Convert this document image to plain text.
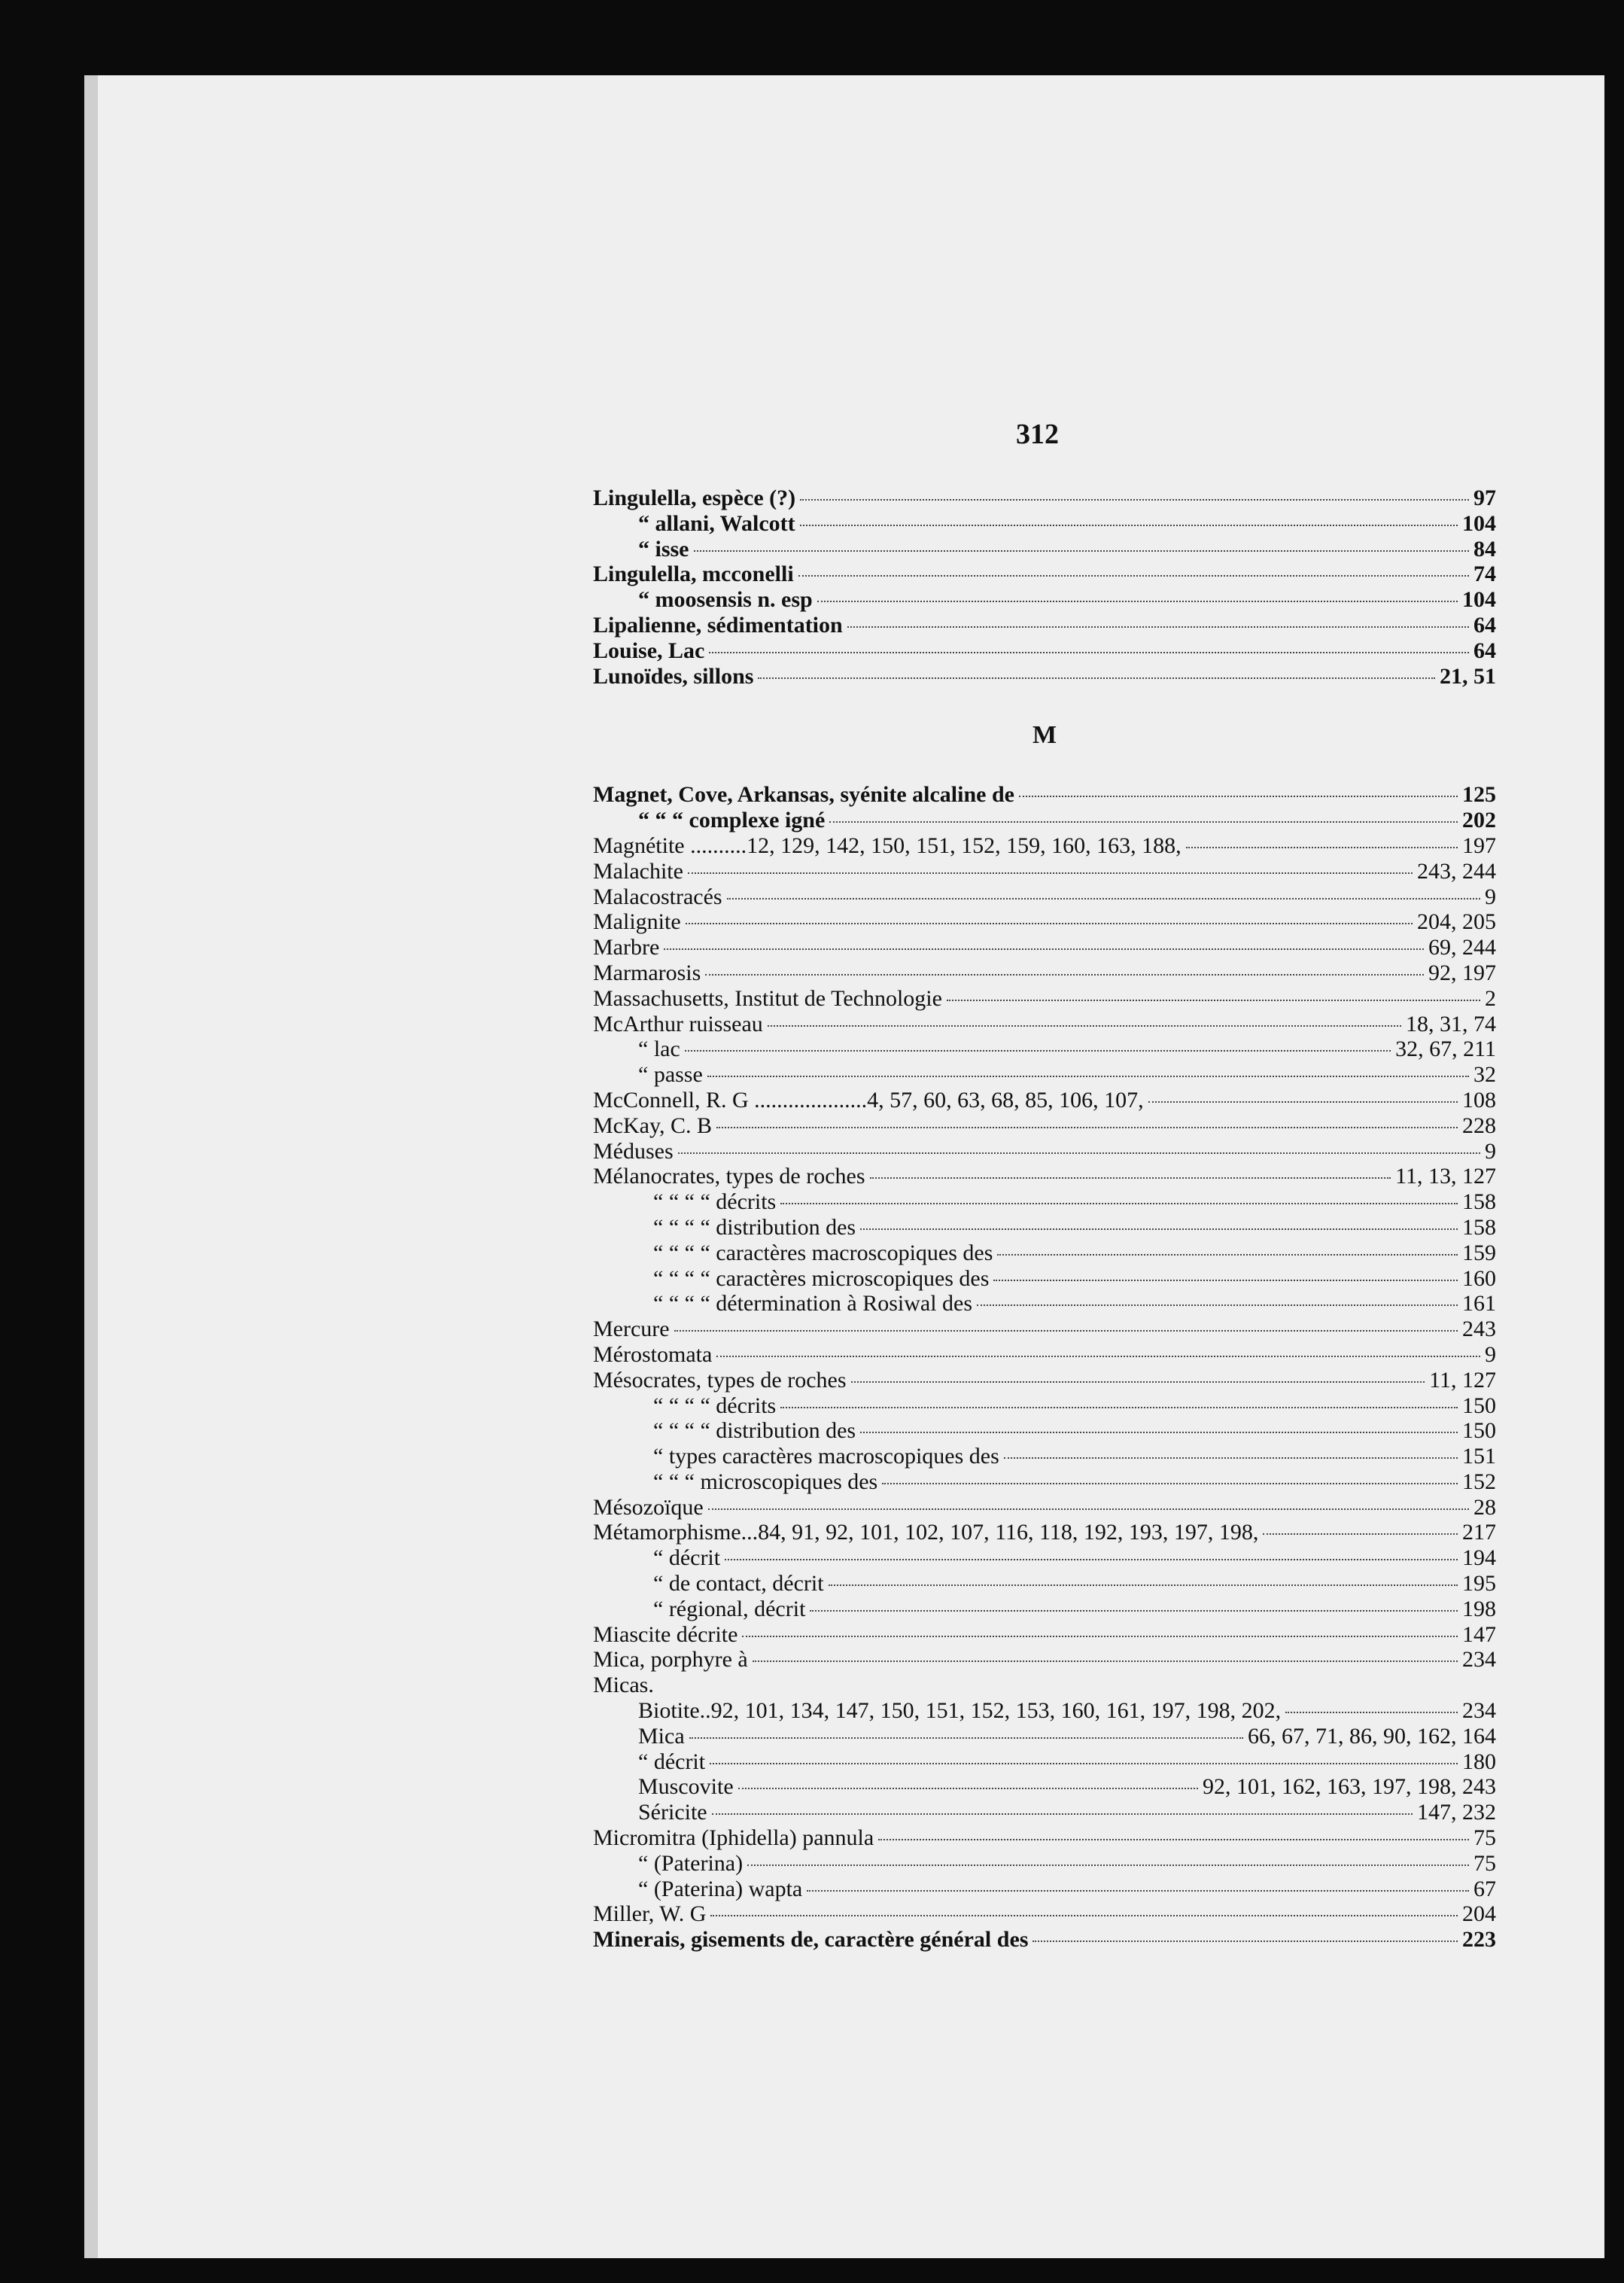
312
Lingulella, espèce (?)	97
“ allani, Walcott	104
“ isse	84
Lingulella, mcconelli	74
“ moosensis n. esp	104
Lipalienne, sédimentation	64
Louise, Lac	64
Lunoïdes, sillons	21, 51
M
Magnet, Cove, Arkansas, syénite alcaline de	125
“ “ “ complexe igné	202
Magnétite ..........12, 129, 142, 150, 151, 152, 159, 160, 163, 188,	197
Malachite	243, 244
Malacostracés	9
Malignite	204, 205
Marbre	69, 244
Marmarosis	92, 197
Massachusetts, Institut de Technologie	2
McArthur ruisseau	18, 31, 74
“ lac	32, 67, 211
“ passe	32
McConnell, R. G ....................4, 57, 60, 63, 68, 85, 106, 107,	108
McKay, C. B	228
Méduses	9
Mélanocrates, types de roches	11, 13, 127
“ “ “ “ décrits	158
“ “ “ “ distribution des	158
“ “ “ “ caractères macroscopiques des	159
“ “ “ “ caractères microscopiques des	160
“ “ “ “ détermination à Rosiwal des	161
Mercure	243
Mérostomata	9
Mésocrates, types de roches	11, 127
“ “ “ “ décrits	150
“ “ “ “ distribution des	150
“ types caractères macroscopiques des	151
“ “ “ microscopiques des	152
Mésozoïque	28
Métamorphisme...84, 91, 92, 101, 102, 107, 116, 118, 192, 193, 197, 198,	217
“ décrit	194
“ de contact, décrit	195
“ régional, décrit	198
Miascite décrite	147
Mica, porphyre à	234
Micas.
Biotite..92, 101, 134, 147, 150, 151, 152, 153, 160, 161, 197, 198, 202,	234
Mica	66, 67, 71, 86, 90, 162, 164
“ décrit	180
Muscovite	92, 101, 162, 163, 197, 198, 243
Séricite	147, 232
Micromitra (Iphidella) pannula	75
“ (Paterina)	75
“ (Paterina) wapta	67
Miller, W. G	204
Minerais, gisements de, caractère général des	223
